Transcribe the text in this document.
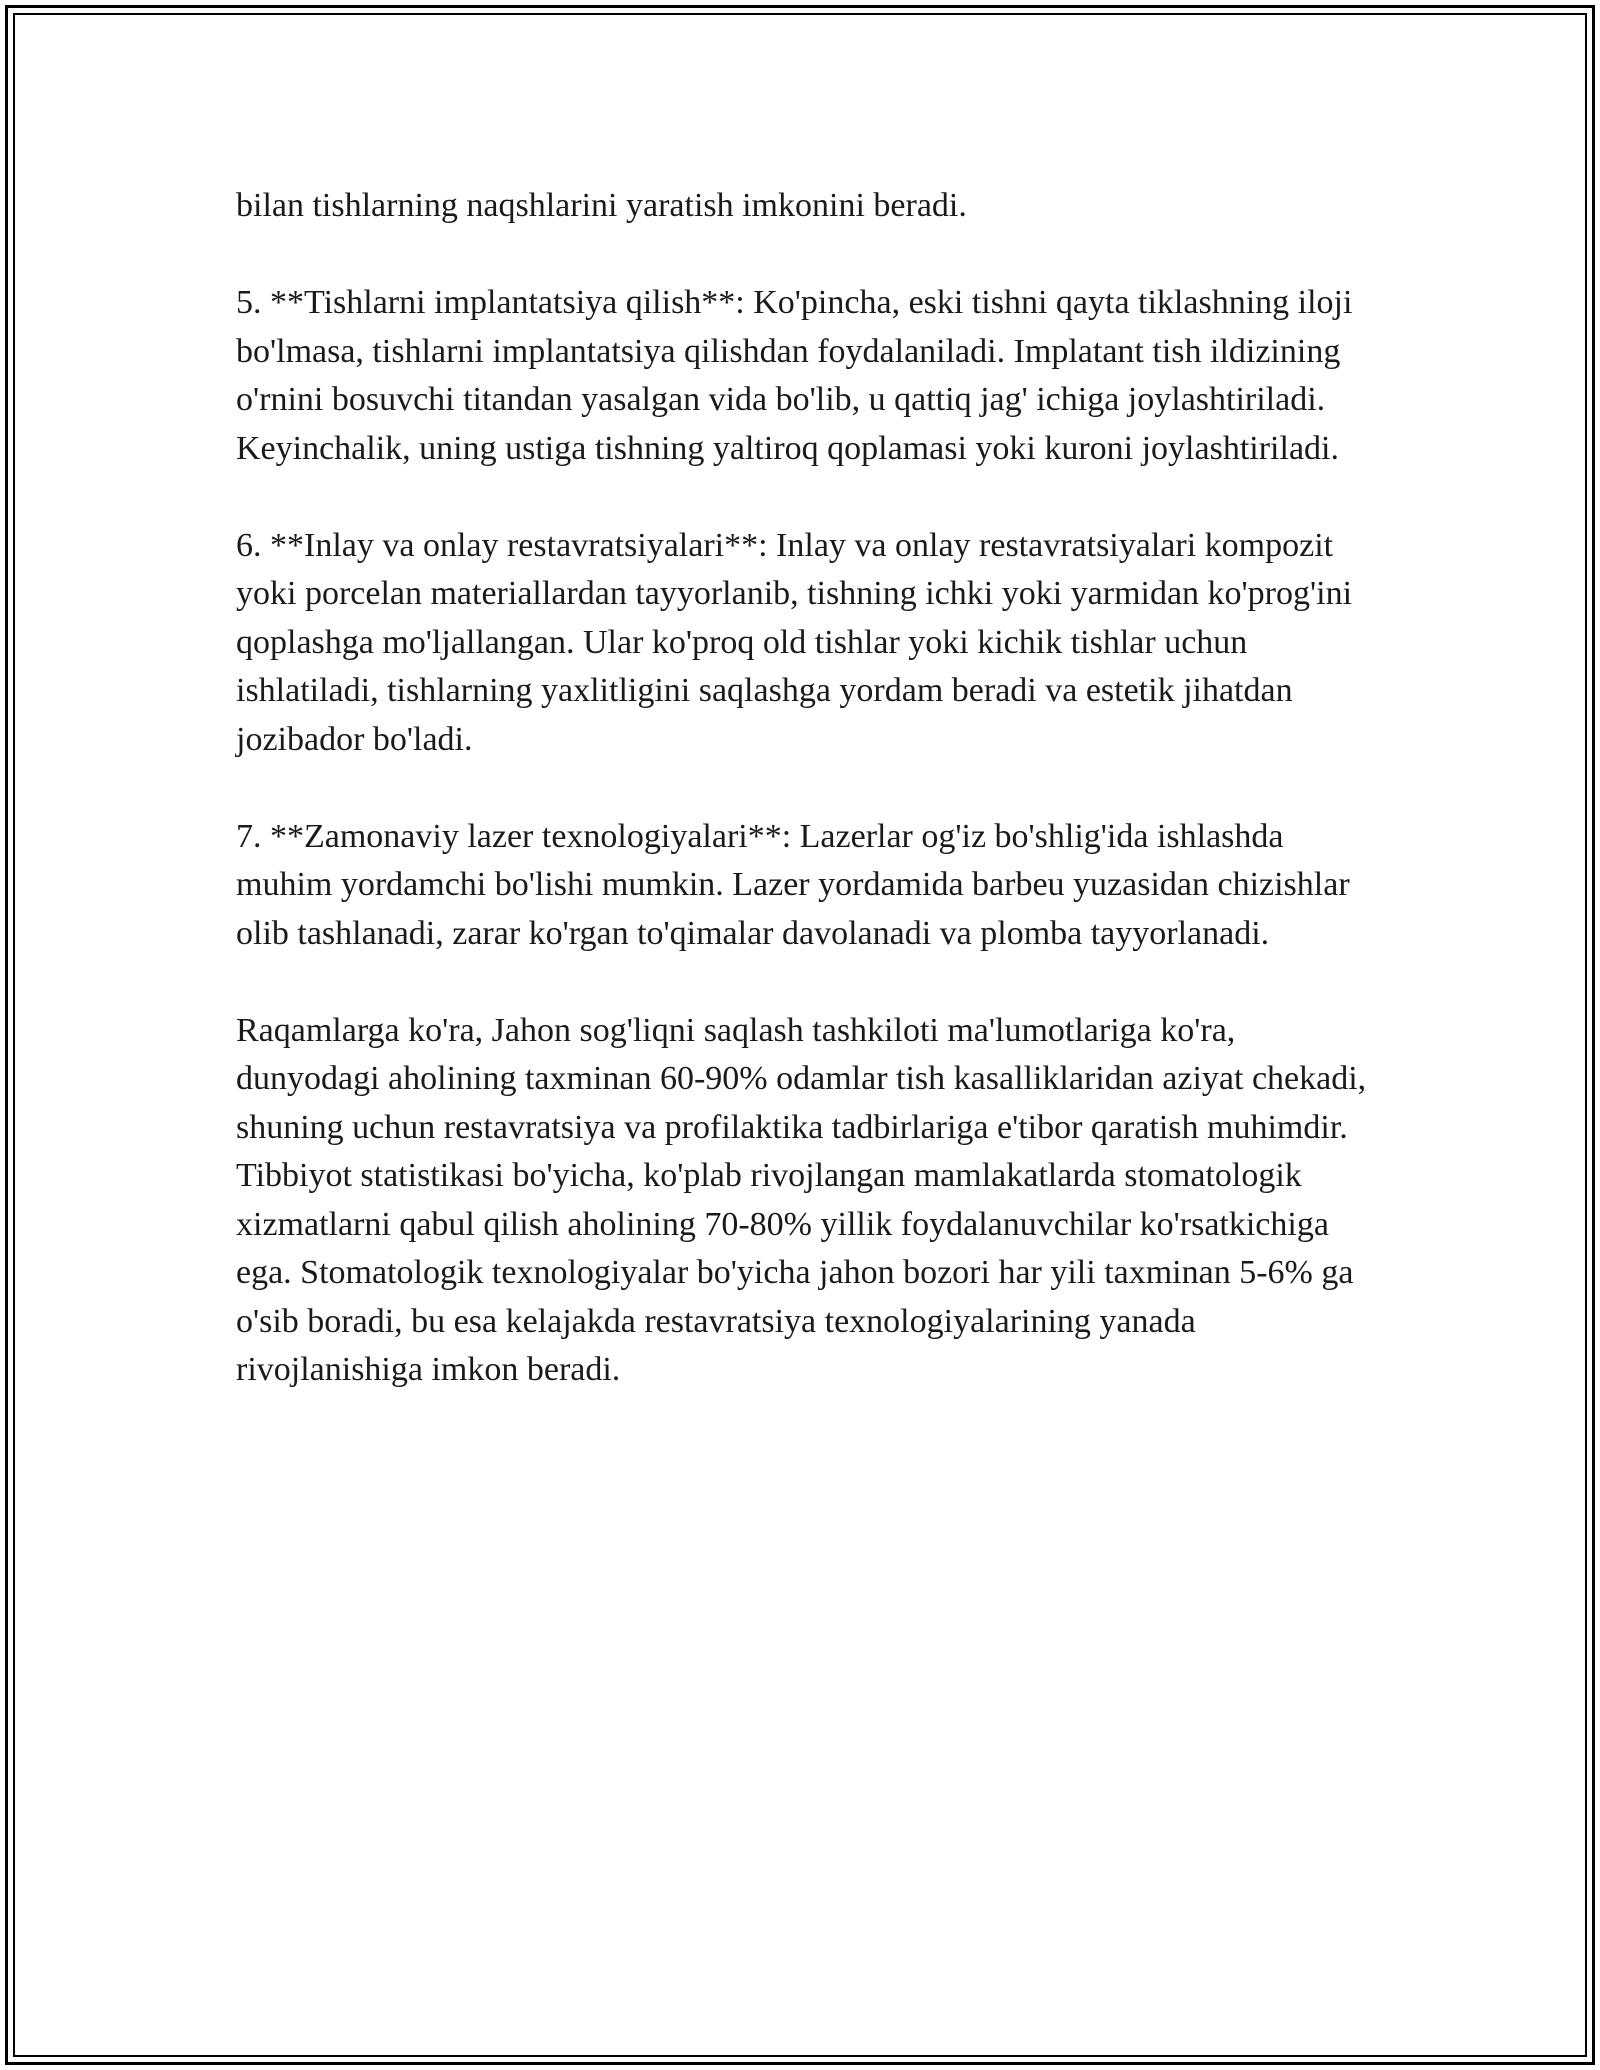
bilan tishlarning naqshlarini yaratish imkonini beradi.

5. **Tishlarni implantatsiya qilish**: Ko'pincha, eski tishni qayta tiklashning iloji bo'lmasa, tishlarni implantatsiya qilishdan foydalaniladi. Implatant tish ildizining o'rnini bosuvchi titandan yasalgan vida bo'lib, u qattiq jag' ichiga joylashtiriladi. Keyinchalik, uning ustiga tishning yaltiroq qoplamasi yoki kuroni joylashtiriladi.

6. **Inlay va onlay restavratsiyalari**: Inlay va onlay restavratsiyalari kompozit yoki porcelan materiallardan tayyorlanib, tishning ichki yoki yarmidan ko'prog'ini qoplashga mo'ljallangan. Ular ko'proq old tishlar yoki kichik tishlar uchun ishlatiladi, tishlarning yaxlitligini saqlashga yordam beradi va estetik jihatdan jozibador bo'ladi.

7. **Zamonaviy lazer texnologiyalari**: Lazerlar og'iz bo'shlig'ida ishlashda muhim yordamchi bo'lishi mumkin. Lazer yordamida barbeu yuzasidan chizishlar olib tashlanadi, zarar ko'rgan to'qimalar davolanadi va plomba tayyorlanadi.

Raqamlarga ko'ra, Jahon sog'liqni saqlash tashkiloti ma'lumotlariga ko'ra, dunyodagi aholining taxminan 60-90% odamlar tish kasalliklaridan aziyat chekadi, shuning uchun restavratsiya va profilaktika tadbirlariga e'tibor qaratish muhimdir. Tibbiyot statistikasi bo'yicha, ko'plab rivojlangan mamlakatlarda stomatologik xizmatlarni qabul qilish aholining 70-80% yillik foydalanuvchilar ko'rsatkichiga ega. Stomatologik texnologiyalar bo'yicha jahon bozori har yili taxminan 5-6% ga o'sib boradi, bu esa kelajakda restavratsiya texnologiyalarining yanada rivojlanishiga imkon beradi.
